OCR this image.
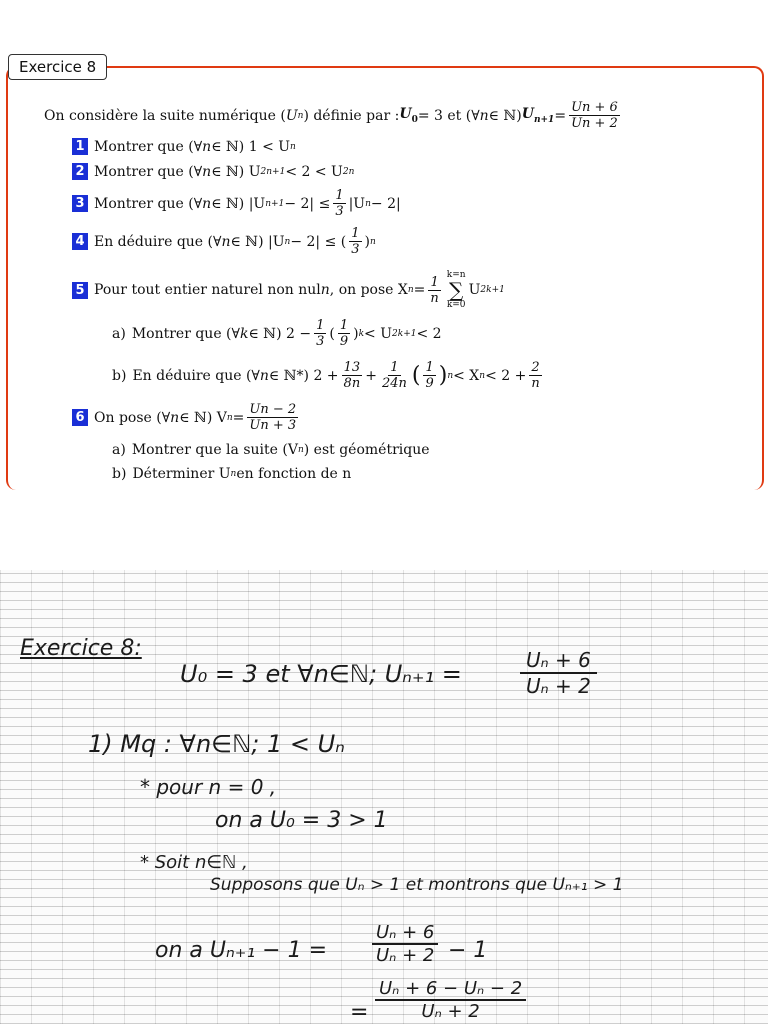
Exercice 8
On considère la suite numérique ( U n ) définie par : $U_0 = 3$ et (∀ n ∈ ℕ) $U_{n+1} = \frac{Un + 6}{Un + 2}$
1 Montrer que (∀ n ∈ ℕ) 1 < U n
2 Montrer que (∀ n ∈ ℕ) U 2n+1 < 2 < U 2n
3 Montrer que (∀ n ∈ ℕ) |U $n+1 - 2| \le \frac{1}{3} |U$ n − 2|
4 En déduire que (∀ n ∈ ℕ) |U n − 2| ≤ ( $\frac{1}{3}$ ) n
5 Pour tout entier naturel non nul n , on pose X $n = \frac{1}{n} k=n$
∑
k=0
U 2k+1
a) Montrer que (∀ k ∈ ℕ) $2 - \frac{1}{3}$ ( $\frac{1}{9}$ ) k < U 2k+1 < 2
b) En déduire que (∀ n ∈ ℕ*) $2 + \frac{13}{8n} + \frac{1}{24n}$ ( $\frac{1}{9}$ ) n < X $n < 2 + \frac{2}{n}$
6 On pose (∀ n ∈ ℕ) V $n = \frac{Un - 2}{Un + 3}$
a) Montrer que la suite (V n ) est géométrique
b) Déterminer U n en fonction de n
Exercice 8:
U₀ = 3 et ∀n∈ℕ; Uₙ₊₁ =	Uₙ + 6
Uₙ + 2
1) Mq : ∀n∈ℕ; 1 < Uₙ
* pour n = 0 ,
on a U₀ = 3 > 1
* Soit n∈ℕ ,
Supposons que Uₙ > 1 et montrons que Uₙ₊₁ > 1
on a Uₙ₊₁ − 1 =
Uₙ + 6
Uₙ + 2 − 1
=
Uₙ + 6 − Uₙ − 2
Uₙ + 2
